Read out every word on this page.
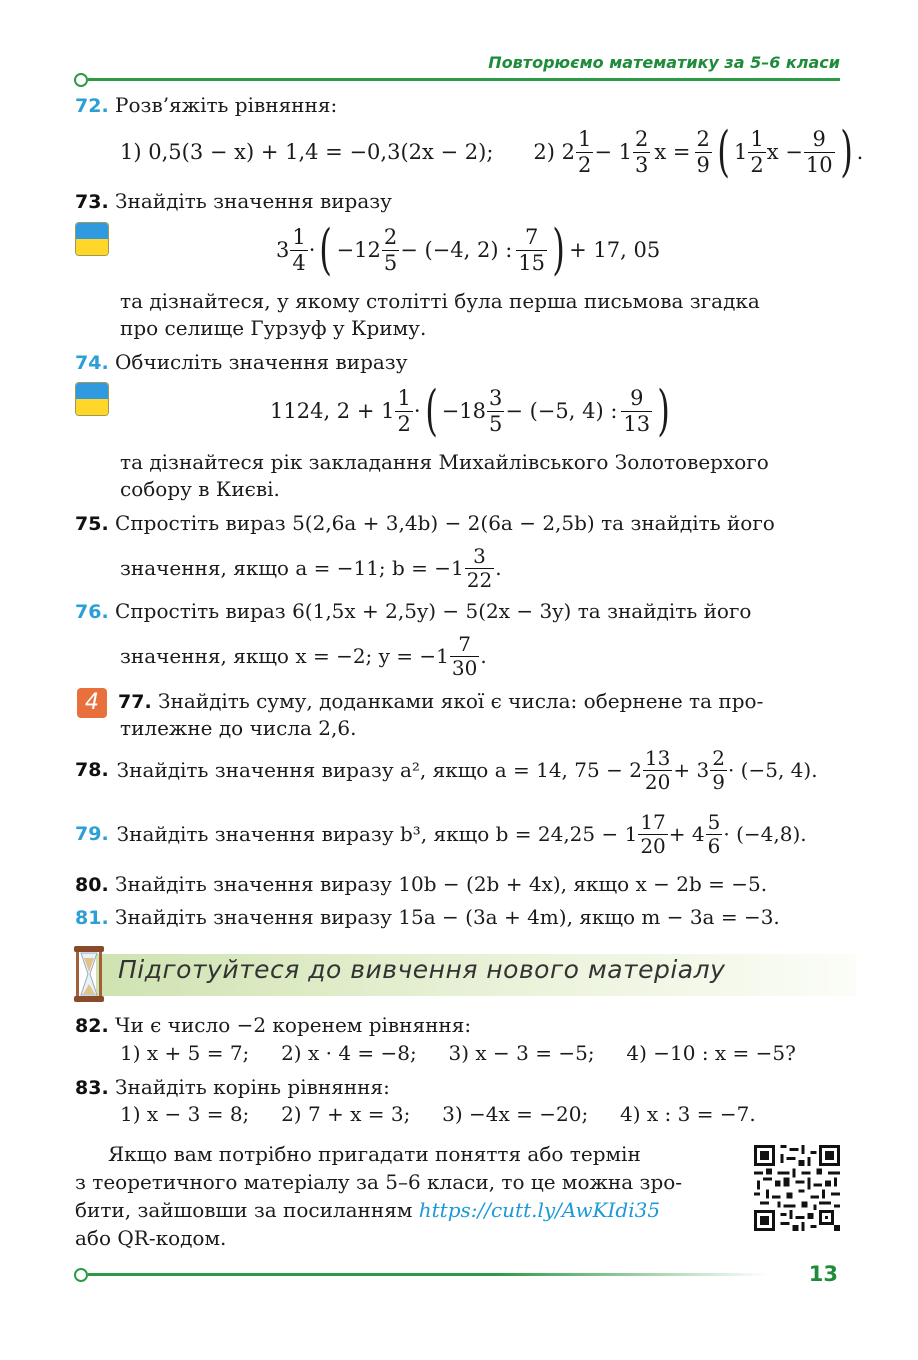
Повторюємо математику за 5–6 класи
72. Розв’яжіть рівняння:
1) 0,5(3 − x) + 1,4 = −0,3(2x − 2); 2) $2 \frac{1}{2} - 1 \frac{2}{3}$ $x = \frac{2}{9}$ ( $1 \frac{1}{2}$ $x - \frac{9}{10}$ ) .
73. Знайдіть значення виразу
$3 \frac{1}{4}$ · ( $-12 \frac{2}{5} - (-4$, 2) : $\frac{7}{15}$ ) + 17, 05
та дізнайтеся, у якому столітті була перша письмова згадка
про селище Гурзуф у Криму.
74. Обчисліть значення виразу
1124, $2 + 1 \frac{1}{2}$ · ( $-18 \frac{3}{5} - (-5$, 4) : $\frac{9}{13}$ )
та дізнайтеся рік закладання Михайлівського Золотоверхого
собору в Києві.
75. Спростіть вираз 5(2,6a + 3,4b) − 2(6a − 2,5b) та знайдіть його
значення, якщо a = −11; $b = -1 \frac{3}{22}$ .
76. Спростіть вираз 6(1,5x + 2,5y) − 5(2x − 3y) та знайдіть його
значення, якщо x = −2; $y = -1 \frac{7}{30}$ .
4	77. Знайдіть суму, доданками якої є числа: обернене та про-
тилежне до числа 2,6.
78. Знайдіть значення виразу a², якщо a = 14, $75 - 2 \frac{13}{20} + 3 \frac{2}{9} \cdot (-5$, 4).
79. Знайдіть значення виразу b³, якщо $b = 24,25 - 1 \frac{17}{20} + 4 \frac{5}{6} \cdot (-4,8)$.
80. Знайдіть значення виразу 10b − (2b + 4x), якщо x − 2b = −5.
81. Знайдіть значення виразу 15a − (3a + 4m), якщо m − 3a = −3.
Підготуйтеся до вивчення нового матеріалу
82. Чи є число −2 коренем рівняння:
1) x + 5 = 7;     2) x · 4 = −8;     3) x − 3 = −5;     4) −10 : x = −5?
83. Знайдіть корінь рівняння:
1) x − 3 = 8;     2) 7 + x = 3;     3) −4x = −20;     4) x : 3 = −7.
Якщо вам потрібно пригадати поняття або термін
з теоретичного матеріалу за 5–6 класи, то це можна зро-
бити, зайшовши за посиланням https://cutt.ly/AwKIdi35
або QR-кодом.
13
